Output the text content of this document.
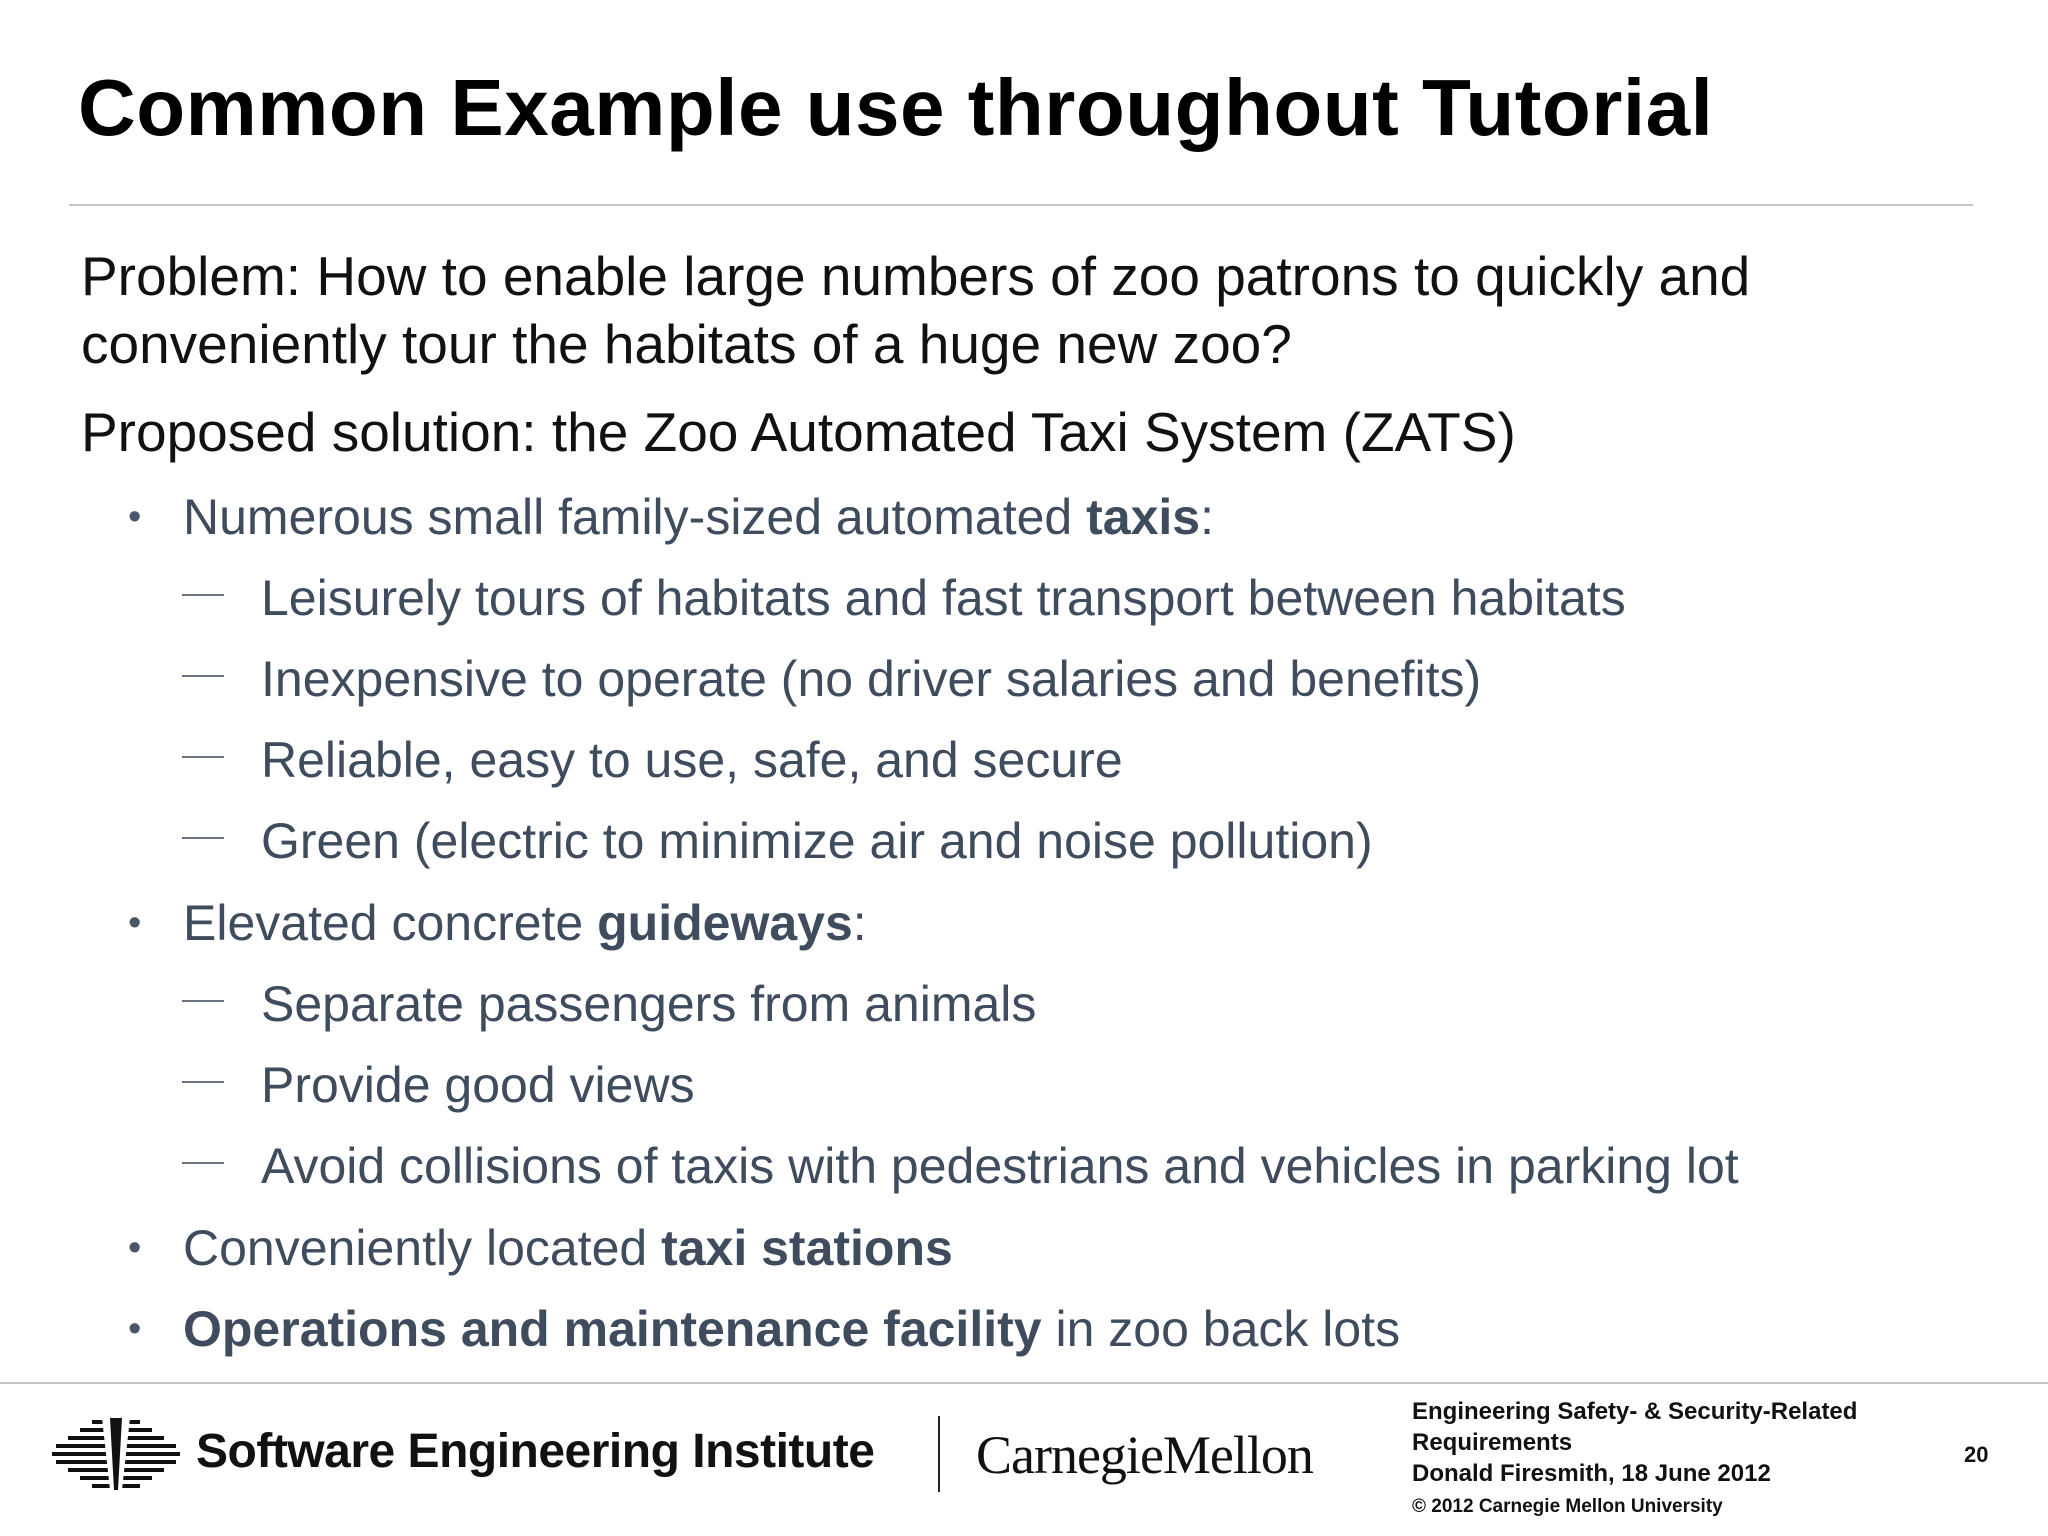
Common Example use throughout Tutorial

Problem: How to enable large numbers of zoo patrons to quickly and conveniently tour the habitats of a huge new zoo?

Proposed solution: the Zoo Automated Taxi System (ZATS)

• Numerous small family-sized automated taxis:
Leisurely tours of habitats and fast transport between habitats
Inexpensive to operate (no driver salaries and benefits)
Reliable, easy to use, safe, and secure
Green (electric to minimize air and noise pollution)
• Elevated concrete guideways:
Separate passengers from animals
Provide good views
Avoid collisions of taxis with pedestrians and vehicles in parking lot
• Conveniently located taxi stations
• Operations and maintenance facility in zoo back lots
Software Engineering Institute CarnegieMellon
Engineering Safety- & Security-Related
Requirements
Donald Firesmith, 18 June 2012
© 2012 Carnegie Mellon University
20
